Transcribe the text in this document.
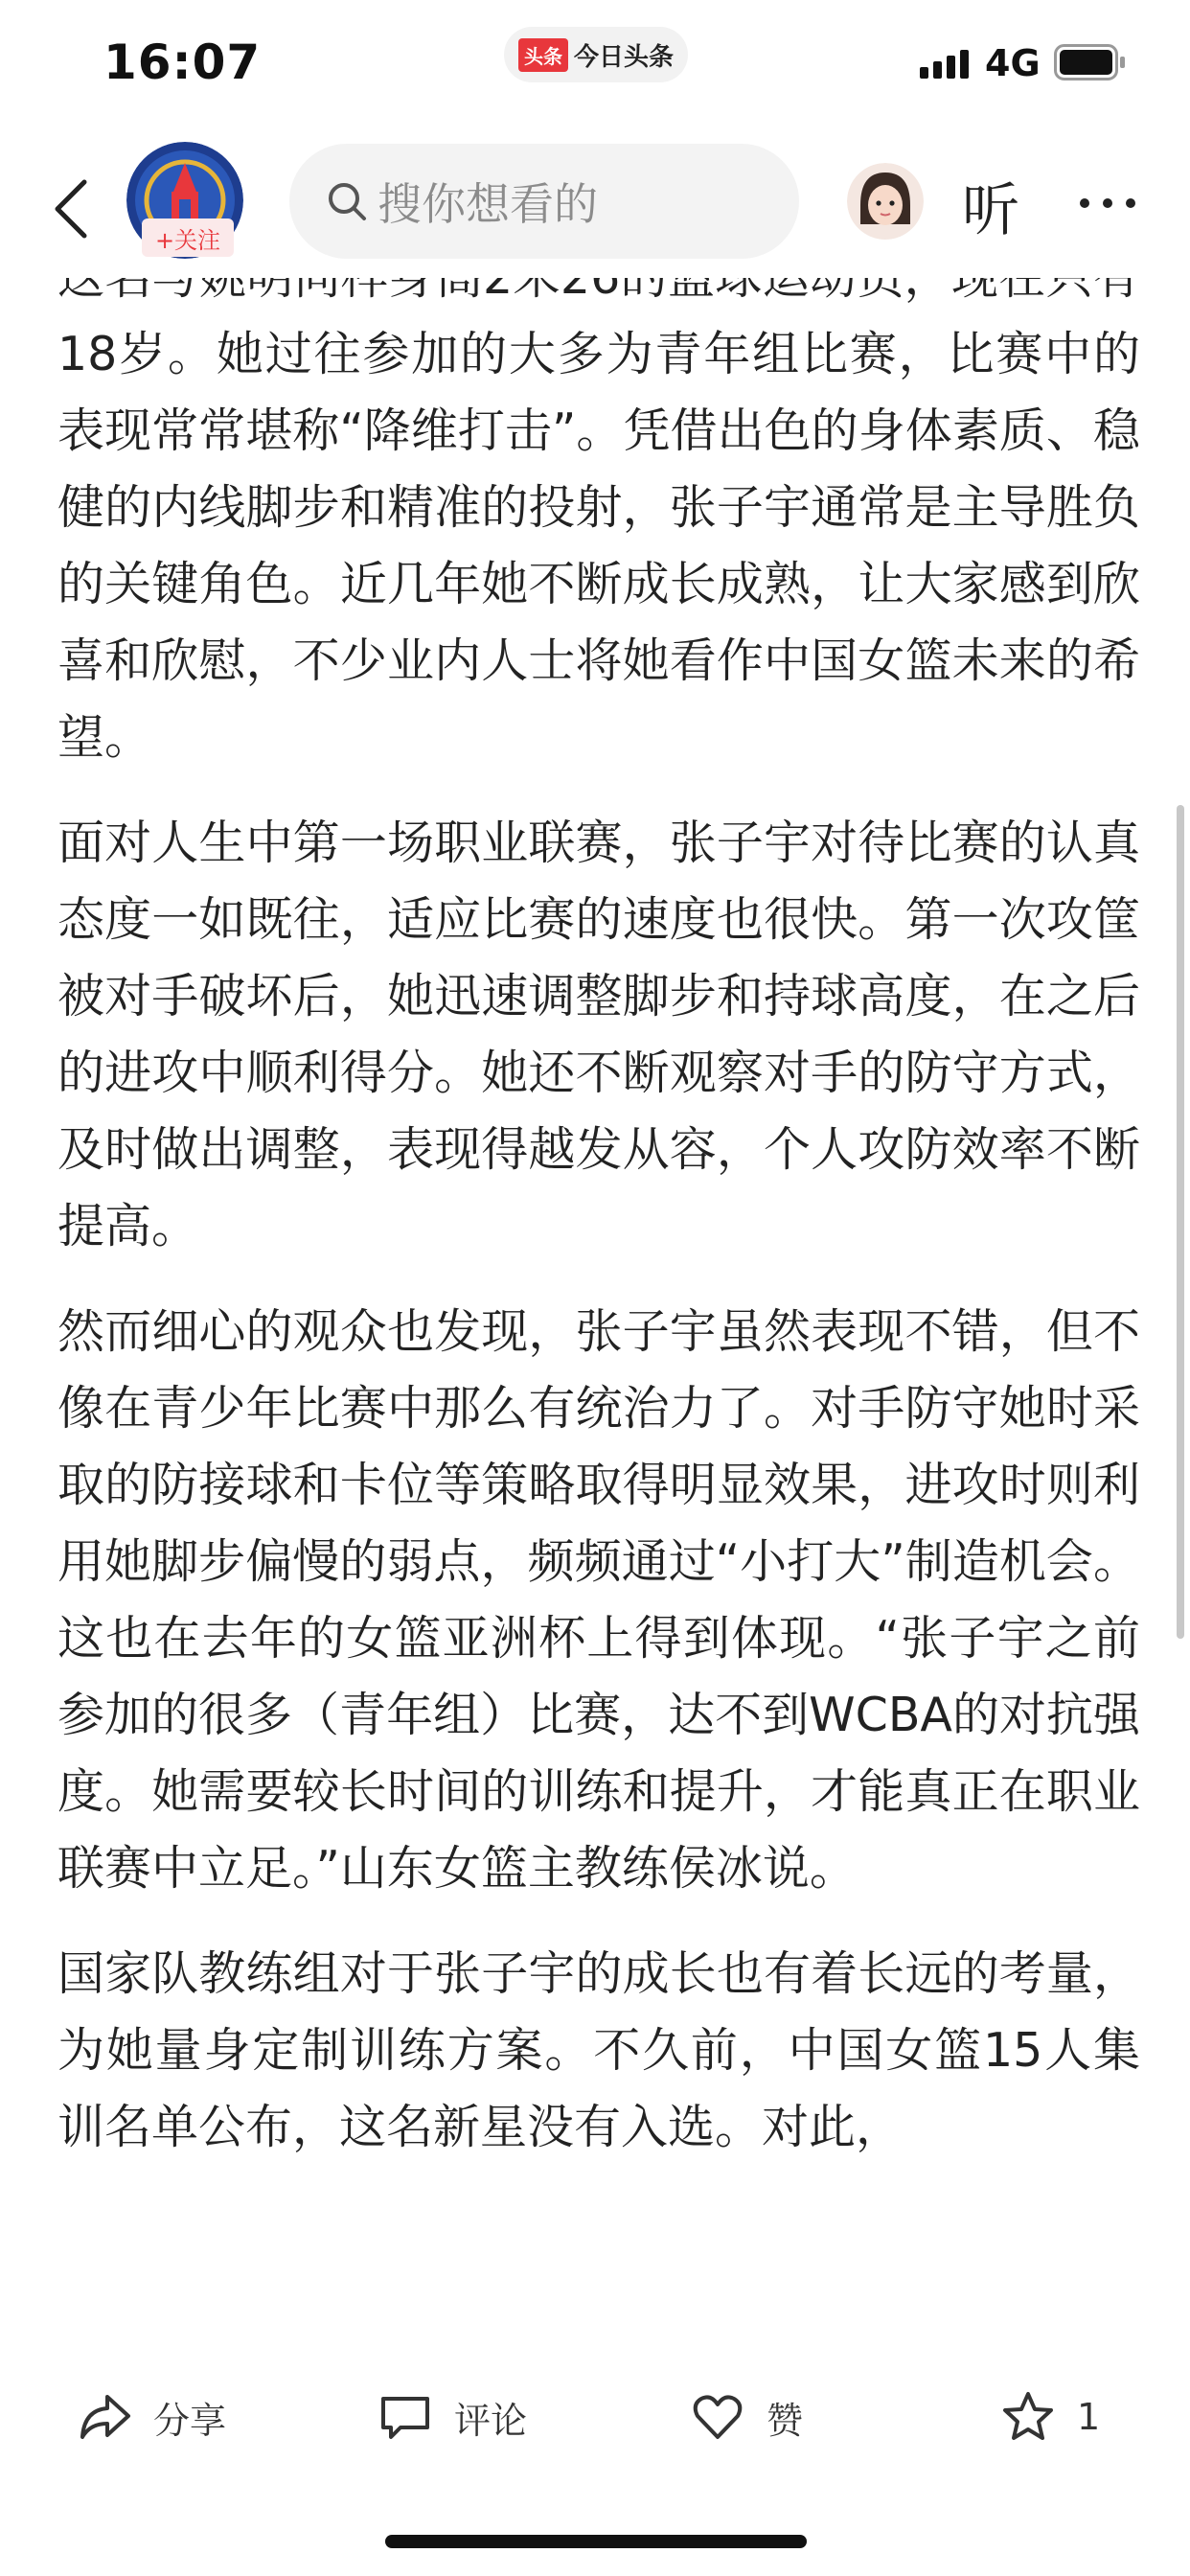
16:07	头条 今日头条	4G

18岁。她过往参加的大多为青年组比赛，比赛中的表现常常堪称“降维打击”。凭借出色的身体素质、稳健的内线脚步和精准的投射，张子宇通常是主导胜负的关键角色。近几年她不断成长成熟，让大家感到欣喜和欣慰，不少业内人士将她看作中国女篮未来的希望。

面对人生中第一场职业联赛，张子宇对待比赛的认真态度一如既往，适应比赛的速度也很快。第一次攻筐被对手破坏后，她迅速调整脚步和持球高度，在之后的进攻中顺利得分。她还不断观察对手的防守方式，及时做出调整，表现得越发从容，个人攻防效率不断提高。

然而细心的观众也发现，张子宇虽然表现不错，但不像在青少年比赛中那么有统治力了。对手防守她时采取的防接球和卡位等策略取得明显效果，进攻时则利用她脚步偏慢的弱点，频频通过“小打大”制造机会。这也在去年的女篮亚洲杯上得到体现。“张子宇之前参加的很多（青年组）比赛，达不到WCBA的对抗强度。她需要较长时间的训练和提升，才能真正在职业联赛中立足。”山东女篮主教练侯冰说。

国家队教练组对于张子宇的成长也有着长远的考量，为她量身定制训练方案。不久前，中国女篮15人集训名单公布，这名新星没有入选。对此，

+关注
搜你想看的	听
分享	评论	赞	1
